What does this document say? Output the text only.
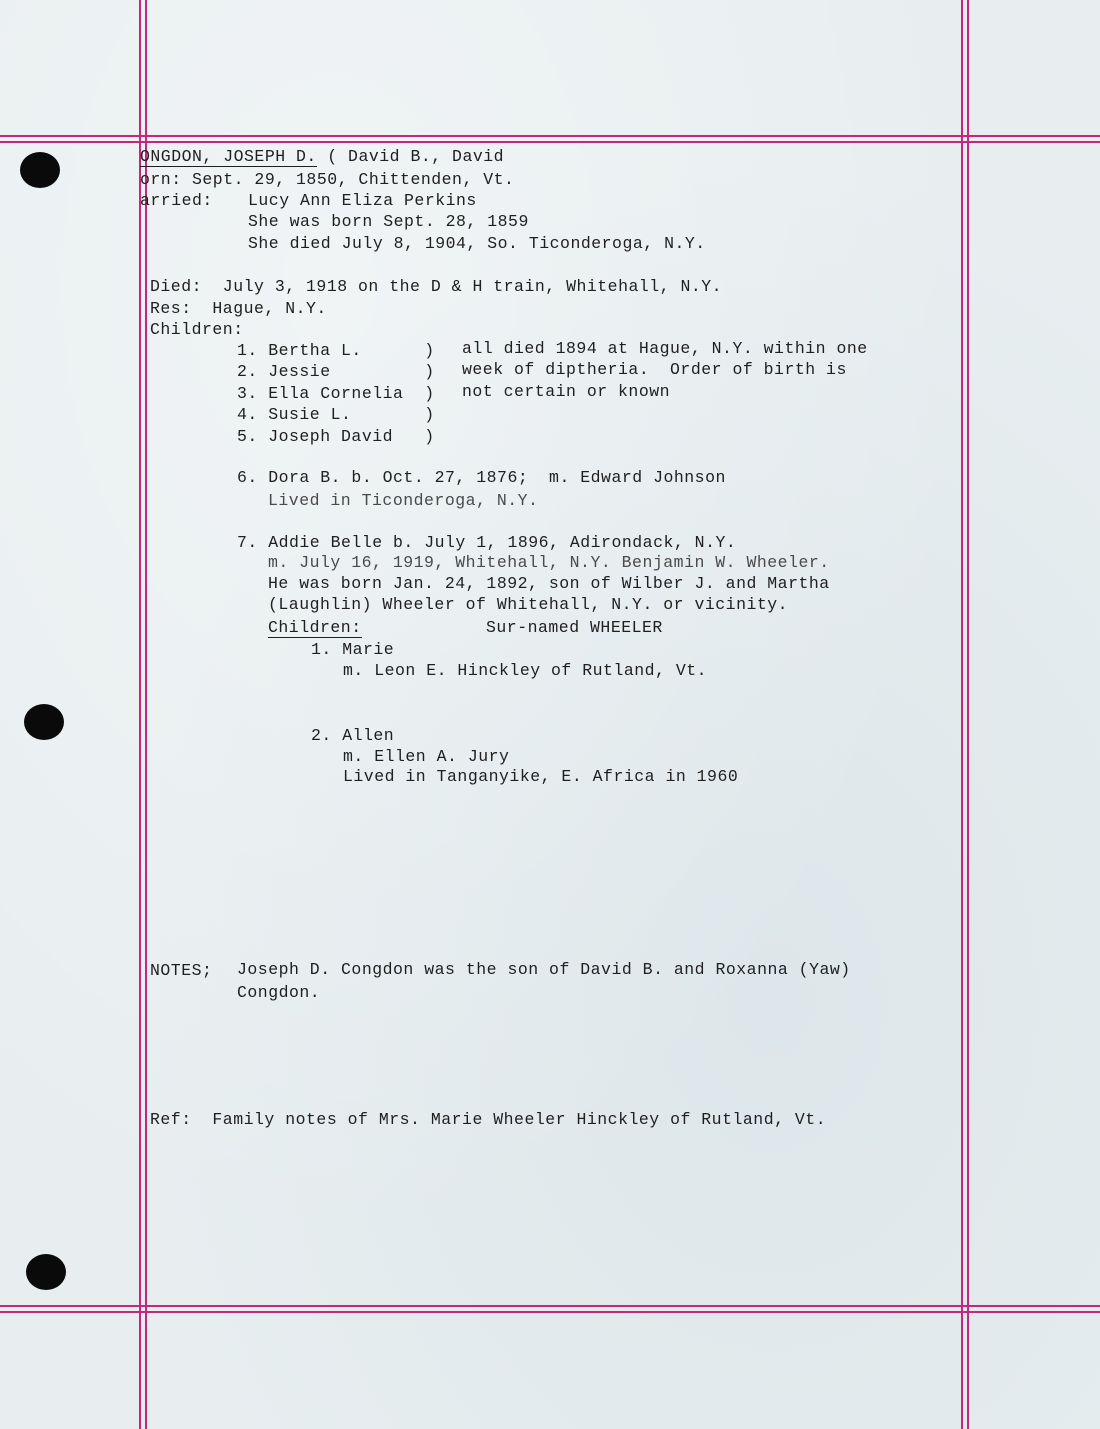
ONGDON, JOSEPH D. ( David B., David
orn: Sept. 29, 1850, Chittenden, Vt.
arried: Lucy Ann Eliza Perkins
She was born Sept. 28, 1859
She died July 8, 1904, So. Ticonderoga, N.Y.
Died:  July 3, 1918 on the D & H train, Whitehall, N.Y.
Res:  Hague, N.Y.
Children:
1. Bertha L.      )
2. Jessie         )
3. Ella Cornelia  )
4. Susie L.       )
5. Joseph David   )
all died 1894 at Hague, N.Y. within one
week of diptheria.  Order of birth is
not certain or known
6. Dora B. b. Oct. 27, 1876;  m. Edward Johnson
Lived in Ticonderoga, N.Y.
7. Addie Belle b. July 1, 1896, Adirondack, N.Y.
m. July 16, 1919, Whitehall, N.Y. Benjamin W. Wheeler.
He was born Jan. 24, 1892, son of Wilber J. and Martha
(Laughlin) Wheeler of Whitehall, N.Y. or vicinity.
Children:	Sur-named WHEELER
1. Marie
m. Leon E. Hinckley of Rutland, Vt.
2. Allen
m. Ellen A. Jury
Lived in Tanganyike, E. Africa in 1960
NOTES; Joseph D. Congdon was the son of David B. and Roxanna (Yaw)
Congdon.
Ref:  Family notes of Mrs. Marie Wheeler Hinckley of Rutland, Vt.
